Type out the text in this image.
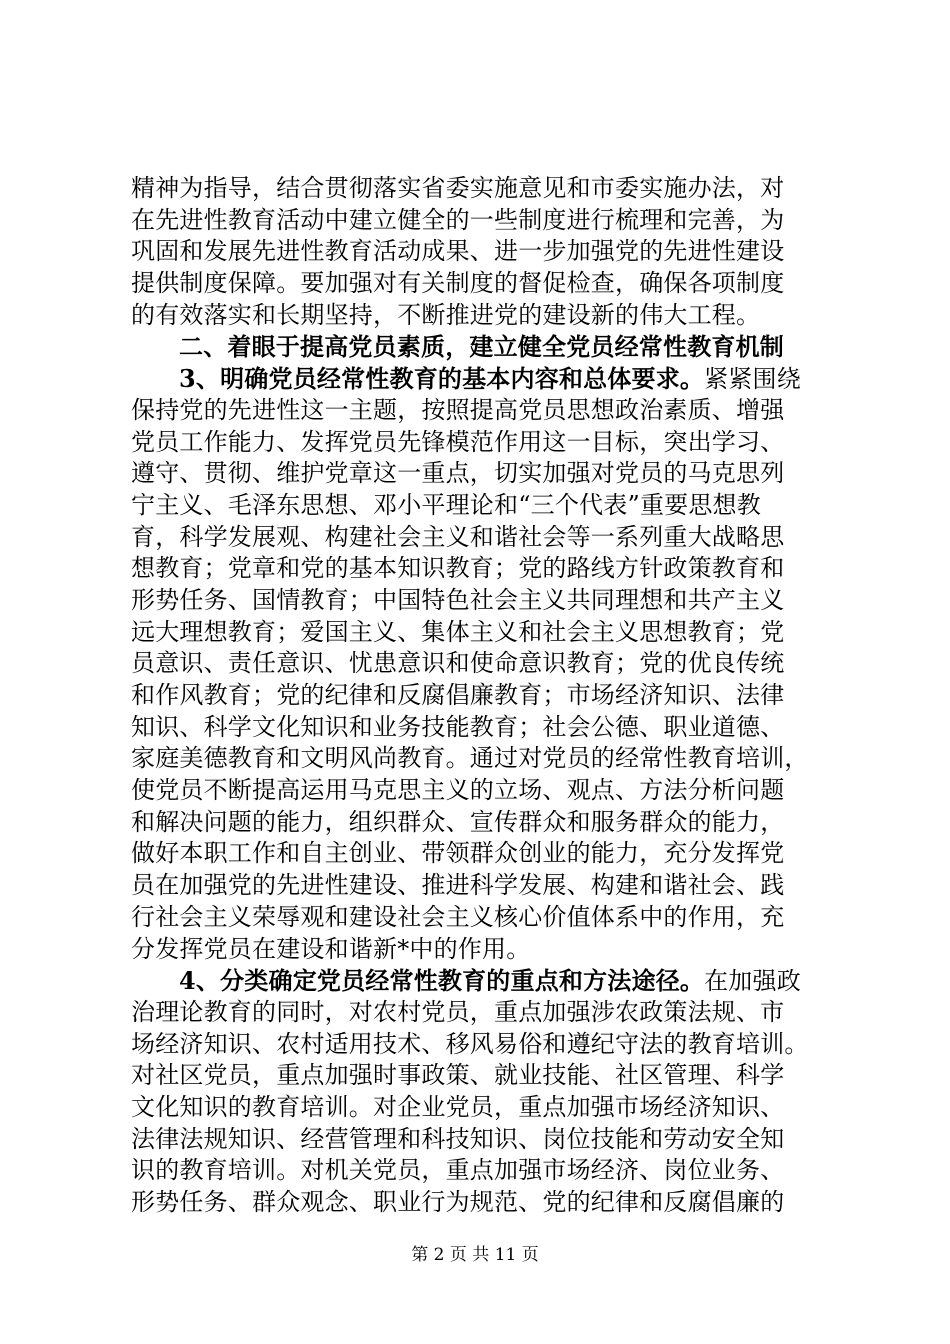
精神为指导，结合贯彻落实省委实施意见和市委实施办法，对
在先进性教育活动中建立健全的一些制度进行梳理和完善，为
巩固和发展先进性教育活动成果、进一步加强党的先进性建设
提供制度保障。要加强对有关制度的督促检查，确保各项制度
的有效落实和长期坚持，不断推进党的建设新的伟大工程。
二、着眼于提高党员素质，建立健全党员经常性教育机制
3、明确党员经常性教育的基本内容和总体要求。紧紧围绕
保持党的先进性这一主题，按照提高党员思想政治素质、增强
党员工作能力、发挥党员先锋模范作用这一目标，突出学习、
遵守、贯彻、维护党章这一重点，切实加强对党员的马克思列
宁主义、毛泽东思想、邓小平理论和“三个代表”重要思想教
育，科学发展观、构建社会主义和谐社会等一系列重大战略思
想教育；党章和党的基本知识教育；党的路线方针政策教育和
形势任务、国情教育；中国特色社会主义共同理想和共产主义
远大理想教育；爱国主义、集体主义和社会主义思想教育；党
员意识、责任意识、忧患意识和使命意识教育；党的优良传统
和作风教育；党的纪律和反腐倡廉教育；市场经济知识、法律
知识、科学文化知识和业务技能教育；社会公德、职业道德、
家庭美德教育和文明风尚教育。通过对党员的经常性教育培训，
使党员不断提高运用马克思主义的立场、观点、方法分析问题
和解决问题的能力，组织群众、宣传群众和服务群众的能力，
做好本职工作和自主创业、带领群众创业的能力，充分发挥党
员在加强党的先进性建设、推进科学发展、构建和谐社会、践
行社会主义荣辱观和建设社会主义核心价值体系中的作用，充
分发挥党员在建设和谐新*中的作用。
4、分类确定党员经常性教育的重点和方法途径。在加强政
治理论教育的同时，对农村党员，重点加强涉农政策法规、市
场经济知识、农村适用技术、移风易俗和遵纪守法的教育培训。
对社区党员，重点加强时事政策、就业技能、社区管理、科学
文化知识的教育培训。对企业党员，重点加强市场经济知识、
法律法规知识、经营管理和科技知识、岗位技能和劳动安全知
识的教育培训。对机关党员，重点加强市场经济、岗位业务、
形势任务、群众观念、职业行为规范、党的纪律和反腐倡廉的
第 2 页 共 11 页
